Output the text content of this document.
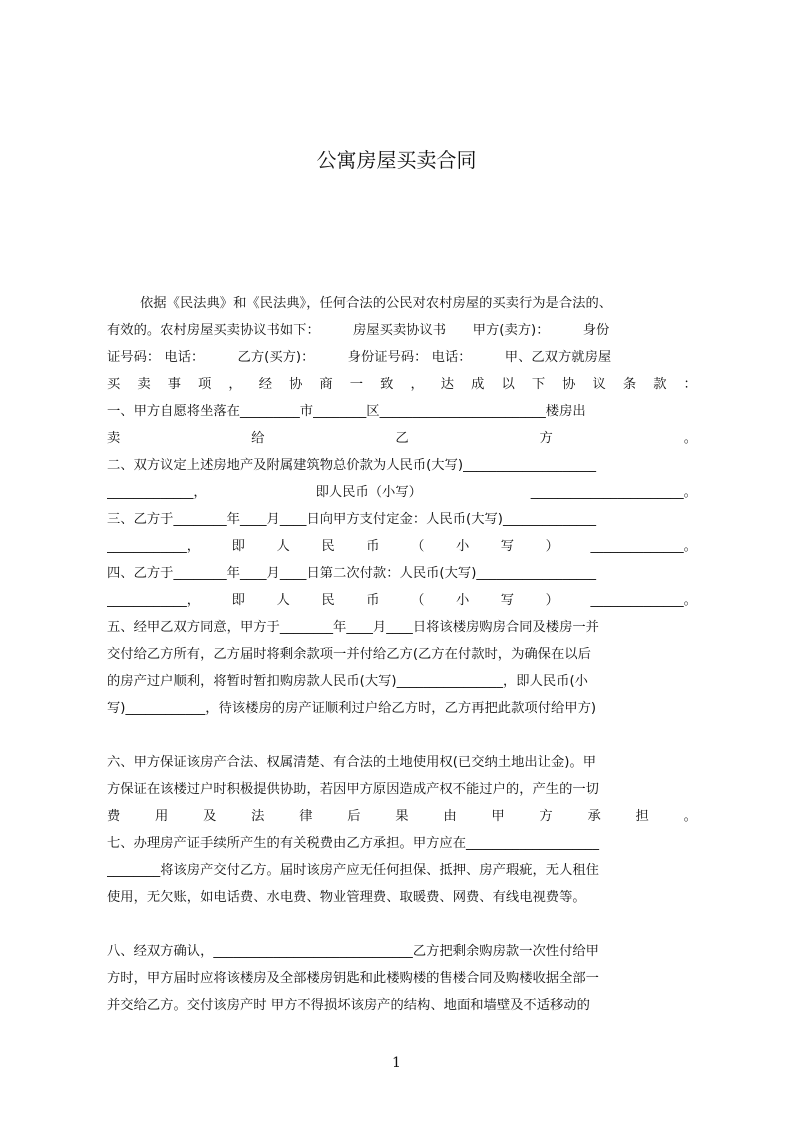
公寓房屋买卖合同
依据《民法典》和《民法典》，任何合法的公民对农村房屋的买卖行为是合法的、
有效的。农村房屋买卖协议书如下：　　　房屋买卖协议书　　甲方(卖方)：　　　身份
证号码： 电话：　　　乙方(买方)：　　　身份证号码： 电话：　　　甲、乙双方就房屋
买 卖 事 项 ， 经 协 商 一 致 ， 达 成 以 下 协 议 条 款 ：
一、甲方自愿将坐落在_________市________区_________________________楼房出
卖	给	乙	方	。
二、双方议定上述房地产及附属建筑物总价款为人民币(大写)____________________
_____________，	即人民币（小写）	_______________________。
三、乙方于________年____月____日向甲方支付定金：人民币(大写)______________
____________， 即 人 民 币 （ 小 写 ） ______________。
四、乙方于________年____月____日第二次付款：人民币(大写)__________________
____________， 即 人 民 币 （ 小 写 ） ______________。
五、经甲乙双方同意，甲方于________年____月____日将该楼房购房合同及楼房一并
交付给乙方所有，乙方届时将剩余款项一并付给乙方(乙方在付款时，为确保在以后
的房产过户顺利，将暂时暂扣购房款人民币(大写)________________，即人民币(小
写)____________，待该楼房的房产证顺利过户给乙方时，乙方再把此款项付给甲方)
六、甲方保证该房产合法、权属清楚、有合法的土地使用权(已交纳土地出让金)。甲
方保证在该楼过户时积极提供协助，若因甲方原因造成产权不能过户的，产生的一切
费	用	及	法	律	后	果	由	甲	方	承	担	。
七、办理房产证手续所产生的有关税费由乙方承担。甲方应在____________________
________将该房产交付乙方。届时该房产应无任何担保、抵押、房产瑕疵，无人租住
使用，无欠账，如电话费、水电费、物业管理费、取暖费、网费、有线电视费等。
八、经双方确认，______________________________乙方把剩余购房款一次性付给甲
方时，甲方届时应将该楼房及全部楼房钥匙和此楼购楼的售楼合同及购楼收据全部一
并交给乙方。交付该房产时 甲方不得损坏该房产的结构、地面和墙壁及不适移动的
1
